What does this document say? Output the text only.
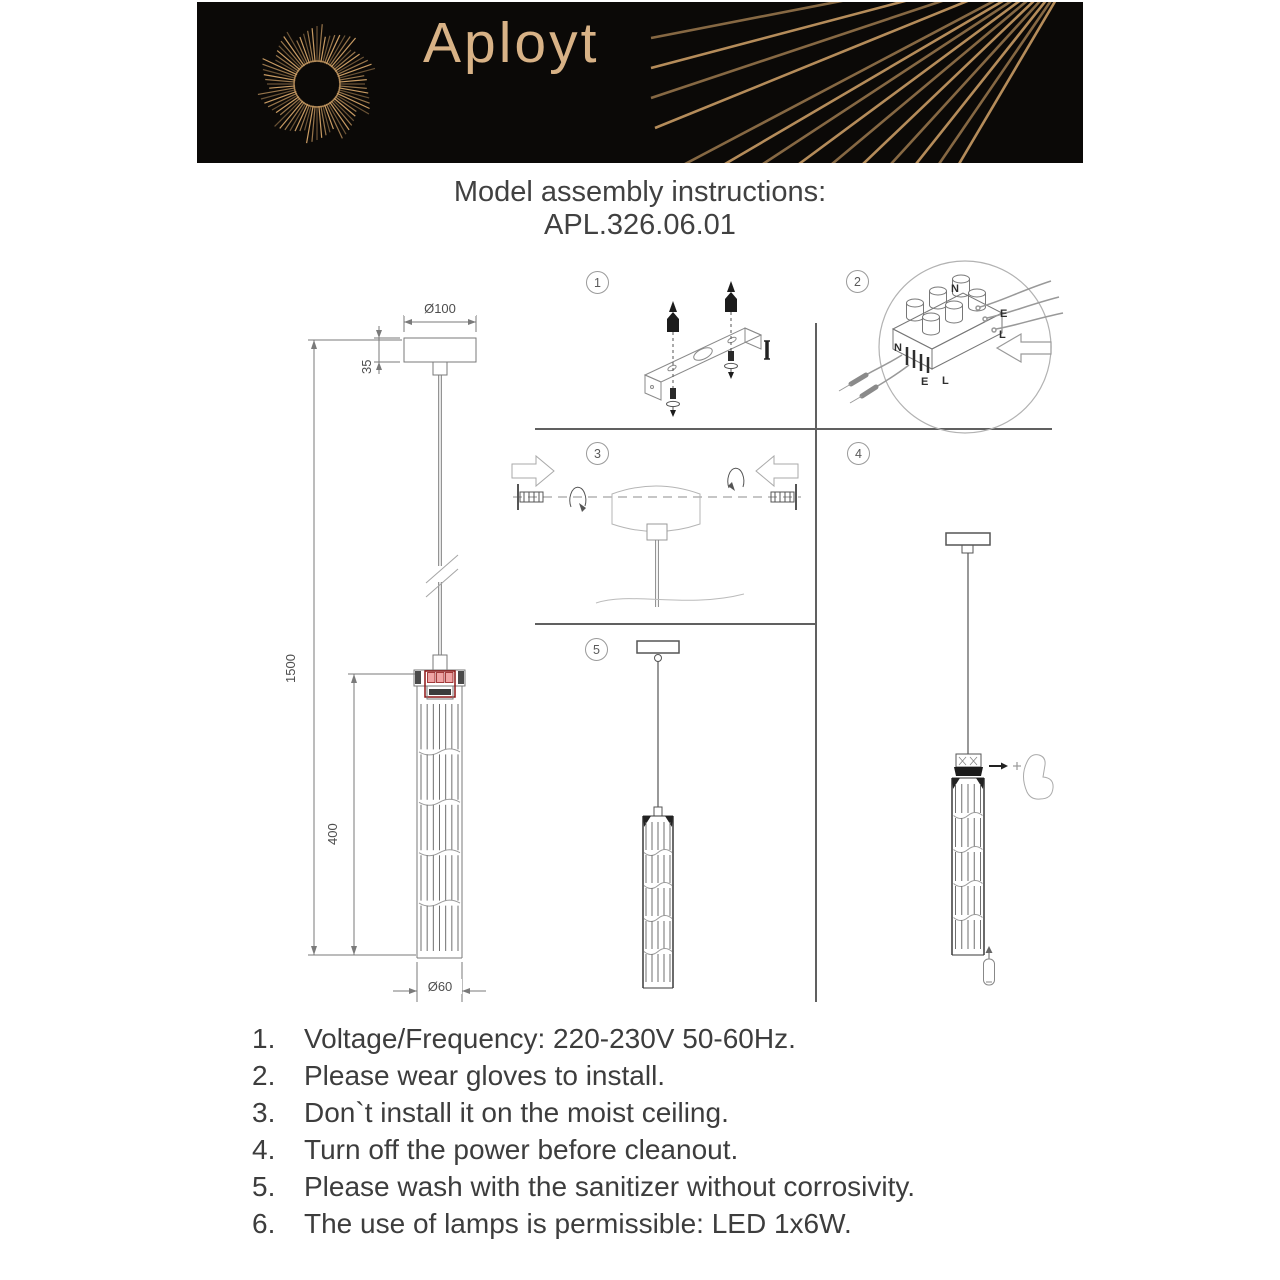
Aployt
Model assembly instructions:
APL.326.06.01
Ø100
35
1500
400
Ø60
1	2
3	4
5
N
E
L
N
E L
1.	Voltage/Frequency: 220-230V 50-60Hz.
2.	Please wear gloves to install.
3.	Don`t install it on the moist ceiling.
4.	Turn off the power before cleanout.
5.	Please wash with the sanitizer without corrosivity.
6.	The use of lamps is permissible: LED 1x6W.
